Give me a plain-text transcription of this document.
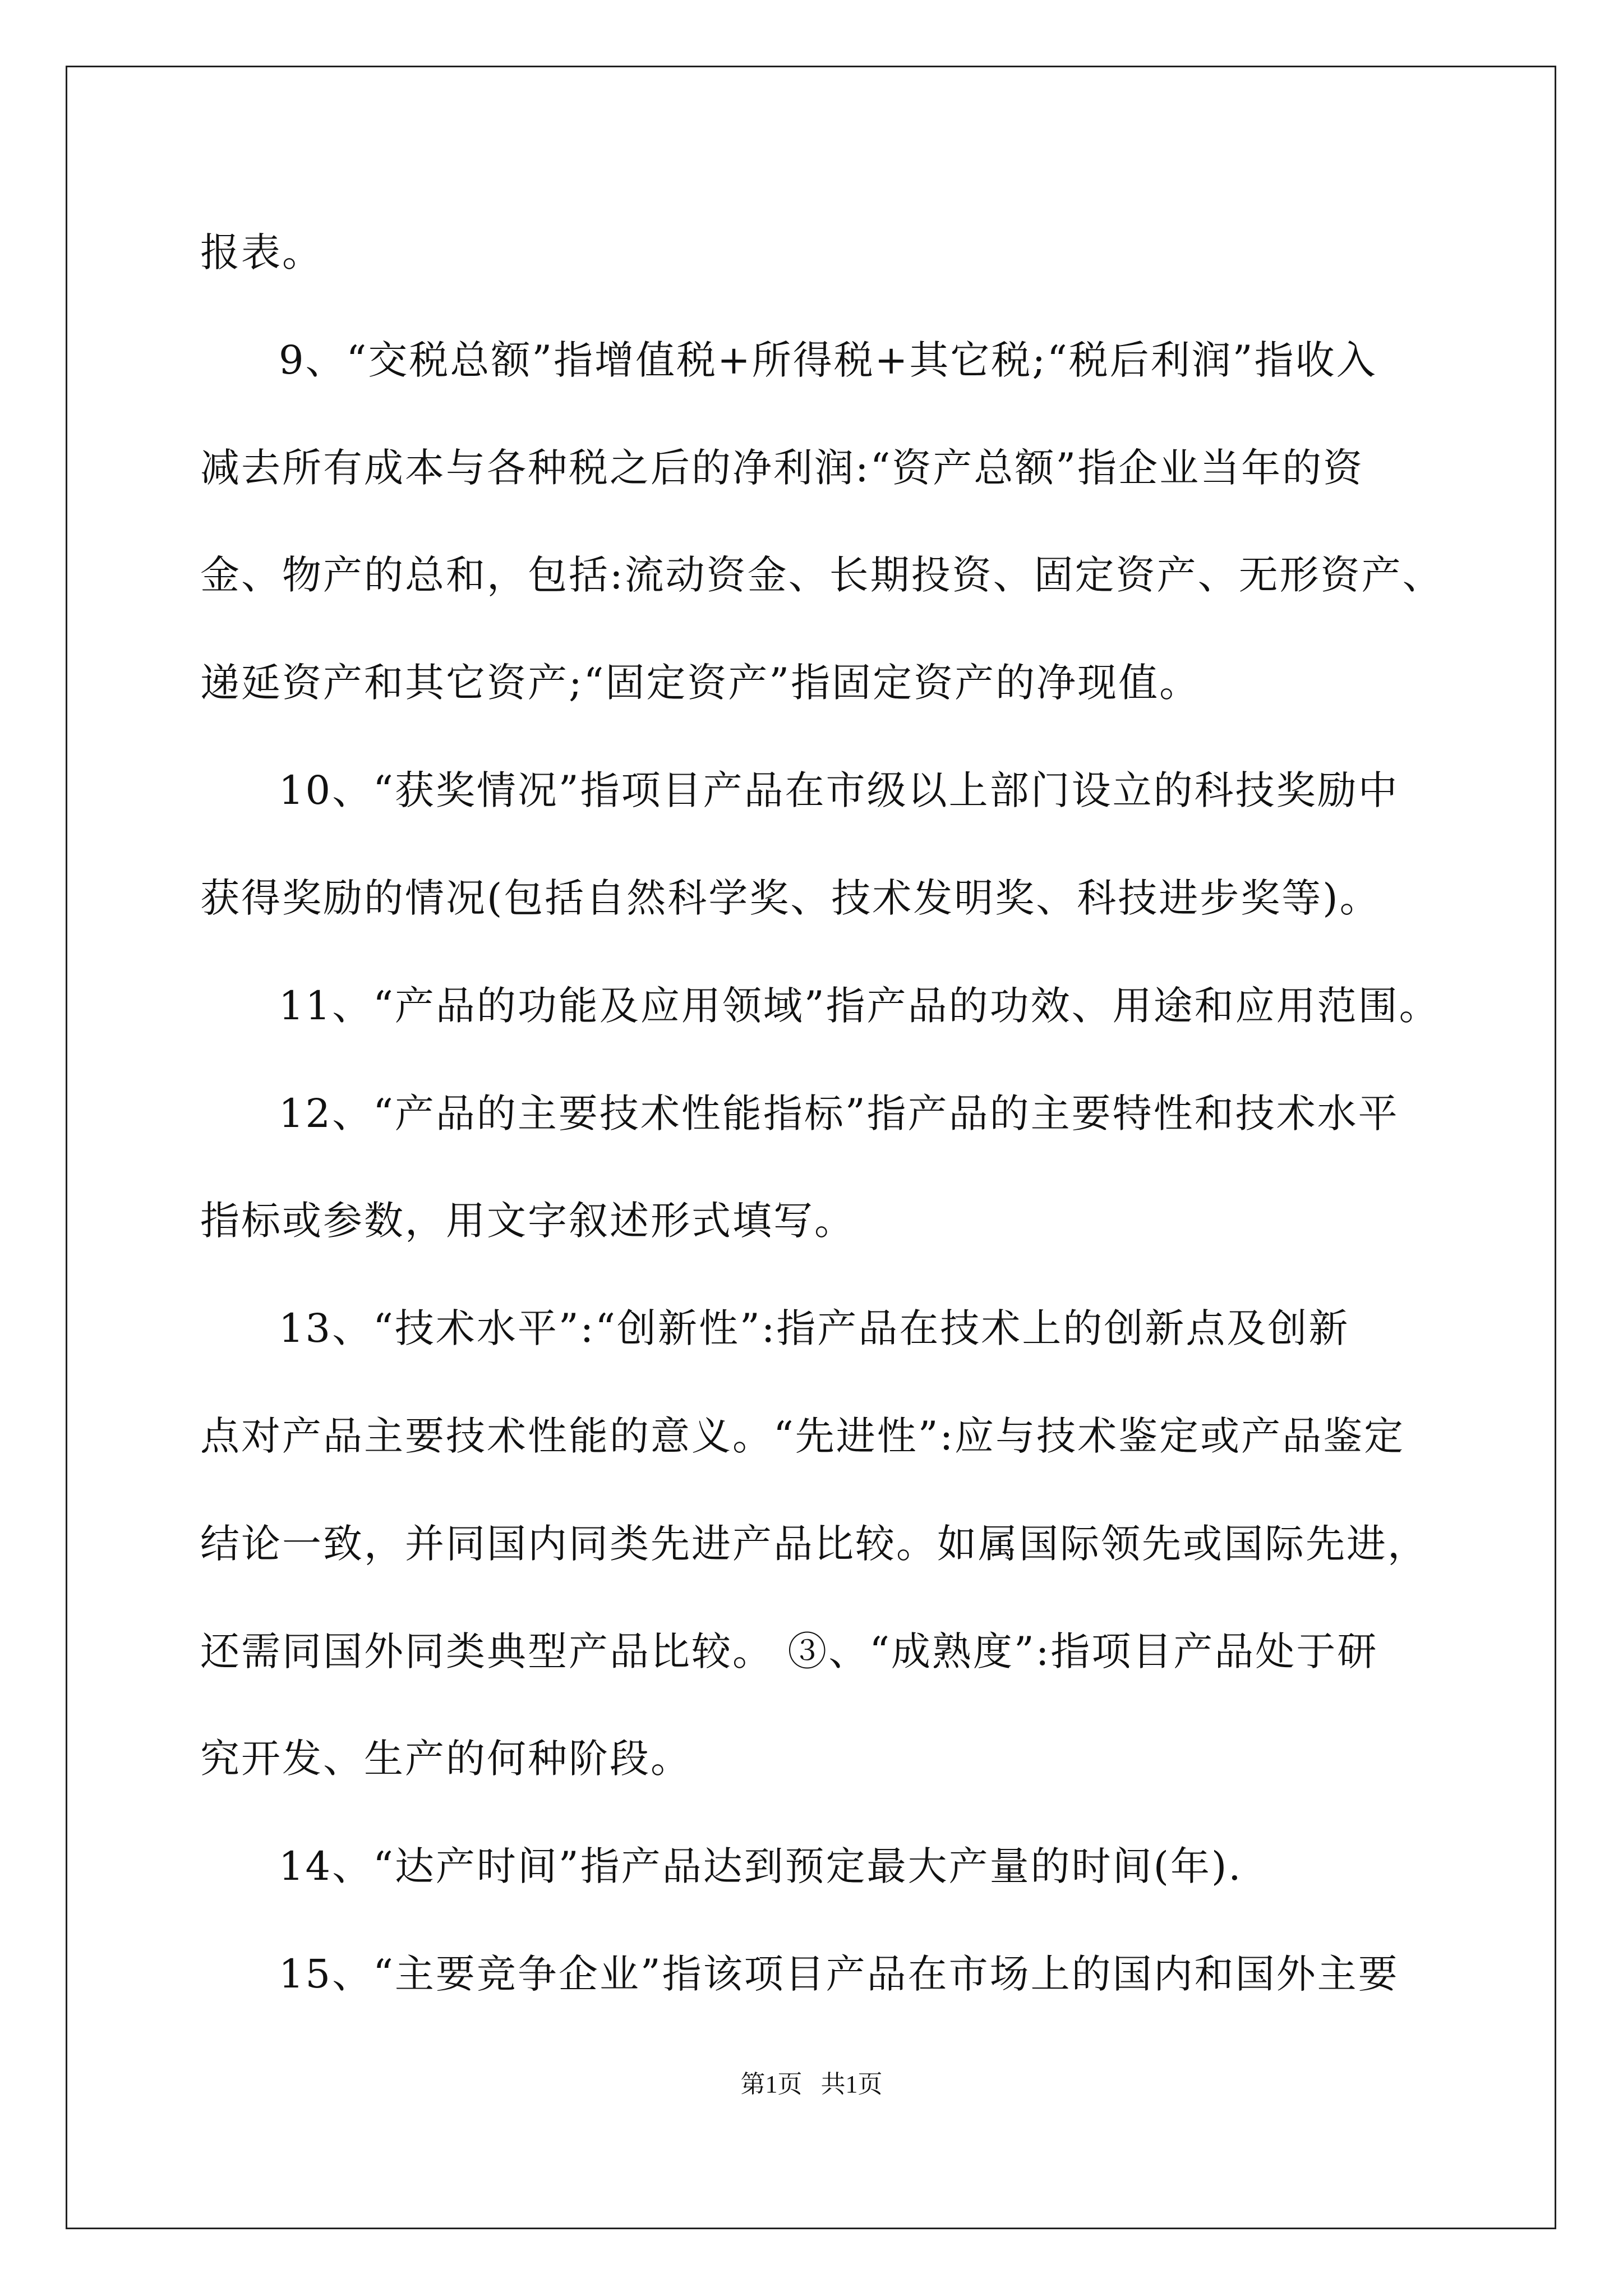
报表。
9、“交税总额”指增值税+所得税+其它税;“税后利润”指收入
减去所有成本与各种税之后的净利润:“资产总额”指企业当年的资
金、物产的总和，包括:流动资金、长期投资、固定资产、无形资产、
递延资产和其它资产;“固定资产”指固定资产的净现值。
10、“获奖情况”指项目产品在市级以上部门设立的科技奖励中
获得奖励的情况(包括自然科学奖、技术发明奖、科技进步奖等)。
11、“产品的功能及应用领域”指产品的功效、用途和应用范围。
12、“产品的主要技术性能指标”指产品的主要特性和技术水平
指标或参数，用文字叙述形式填写。
13、“技术水平”:“创新性”:指产品在技术上的创新点及创新
点对产品主要技术性能的意义。“先进性”:应与技术鉴定或产品鉴定
结论一致，并同国内同类先进产品比较。如属国际领先或国际先进，
还需同国外同类典型产品比较。 ③、“成熟度”:指项目产品处于研
究开发、生产的何种阶段。
14、“达产时间”指产品达到预定最大产量的时间(年).
15、“主要竞争企业”指该项目产品在市场上的国内和国外主要
第1页   共1页
